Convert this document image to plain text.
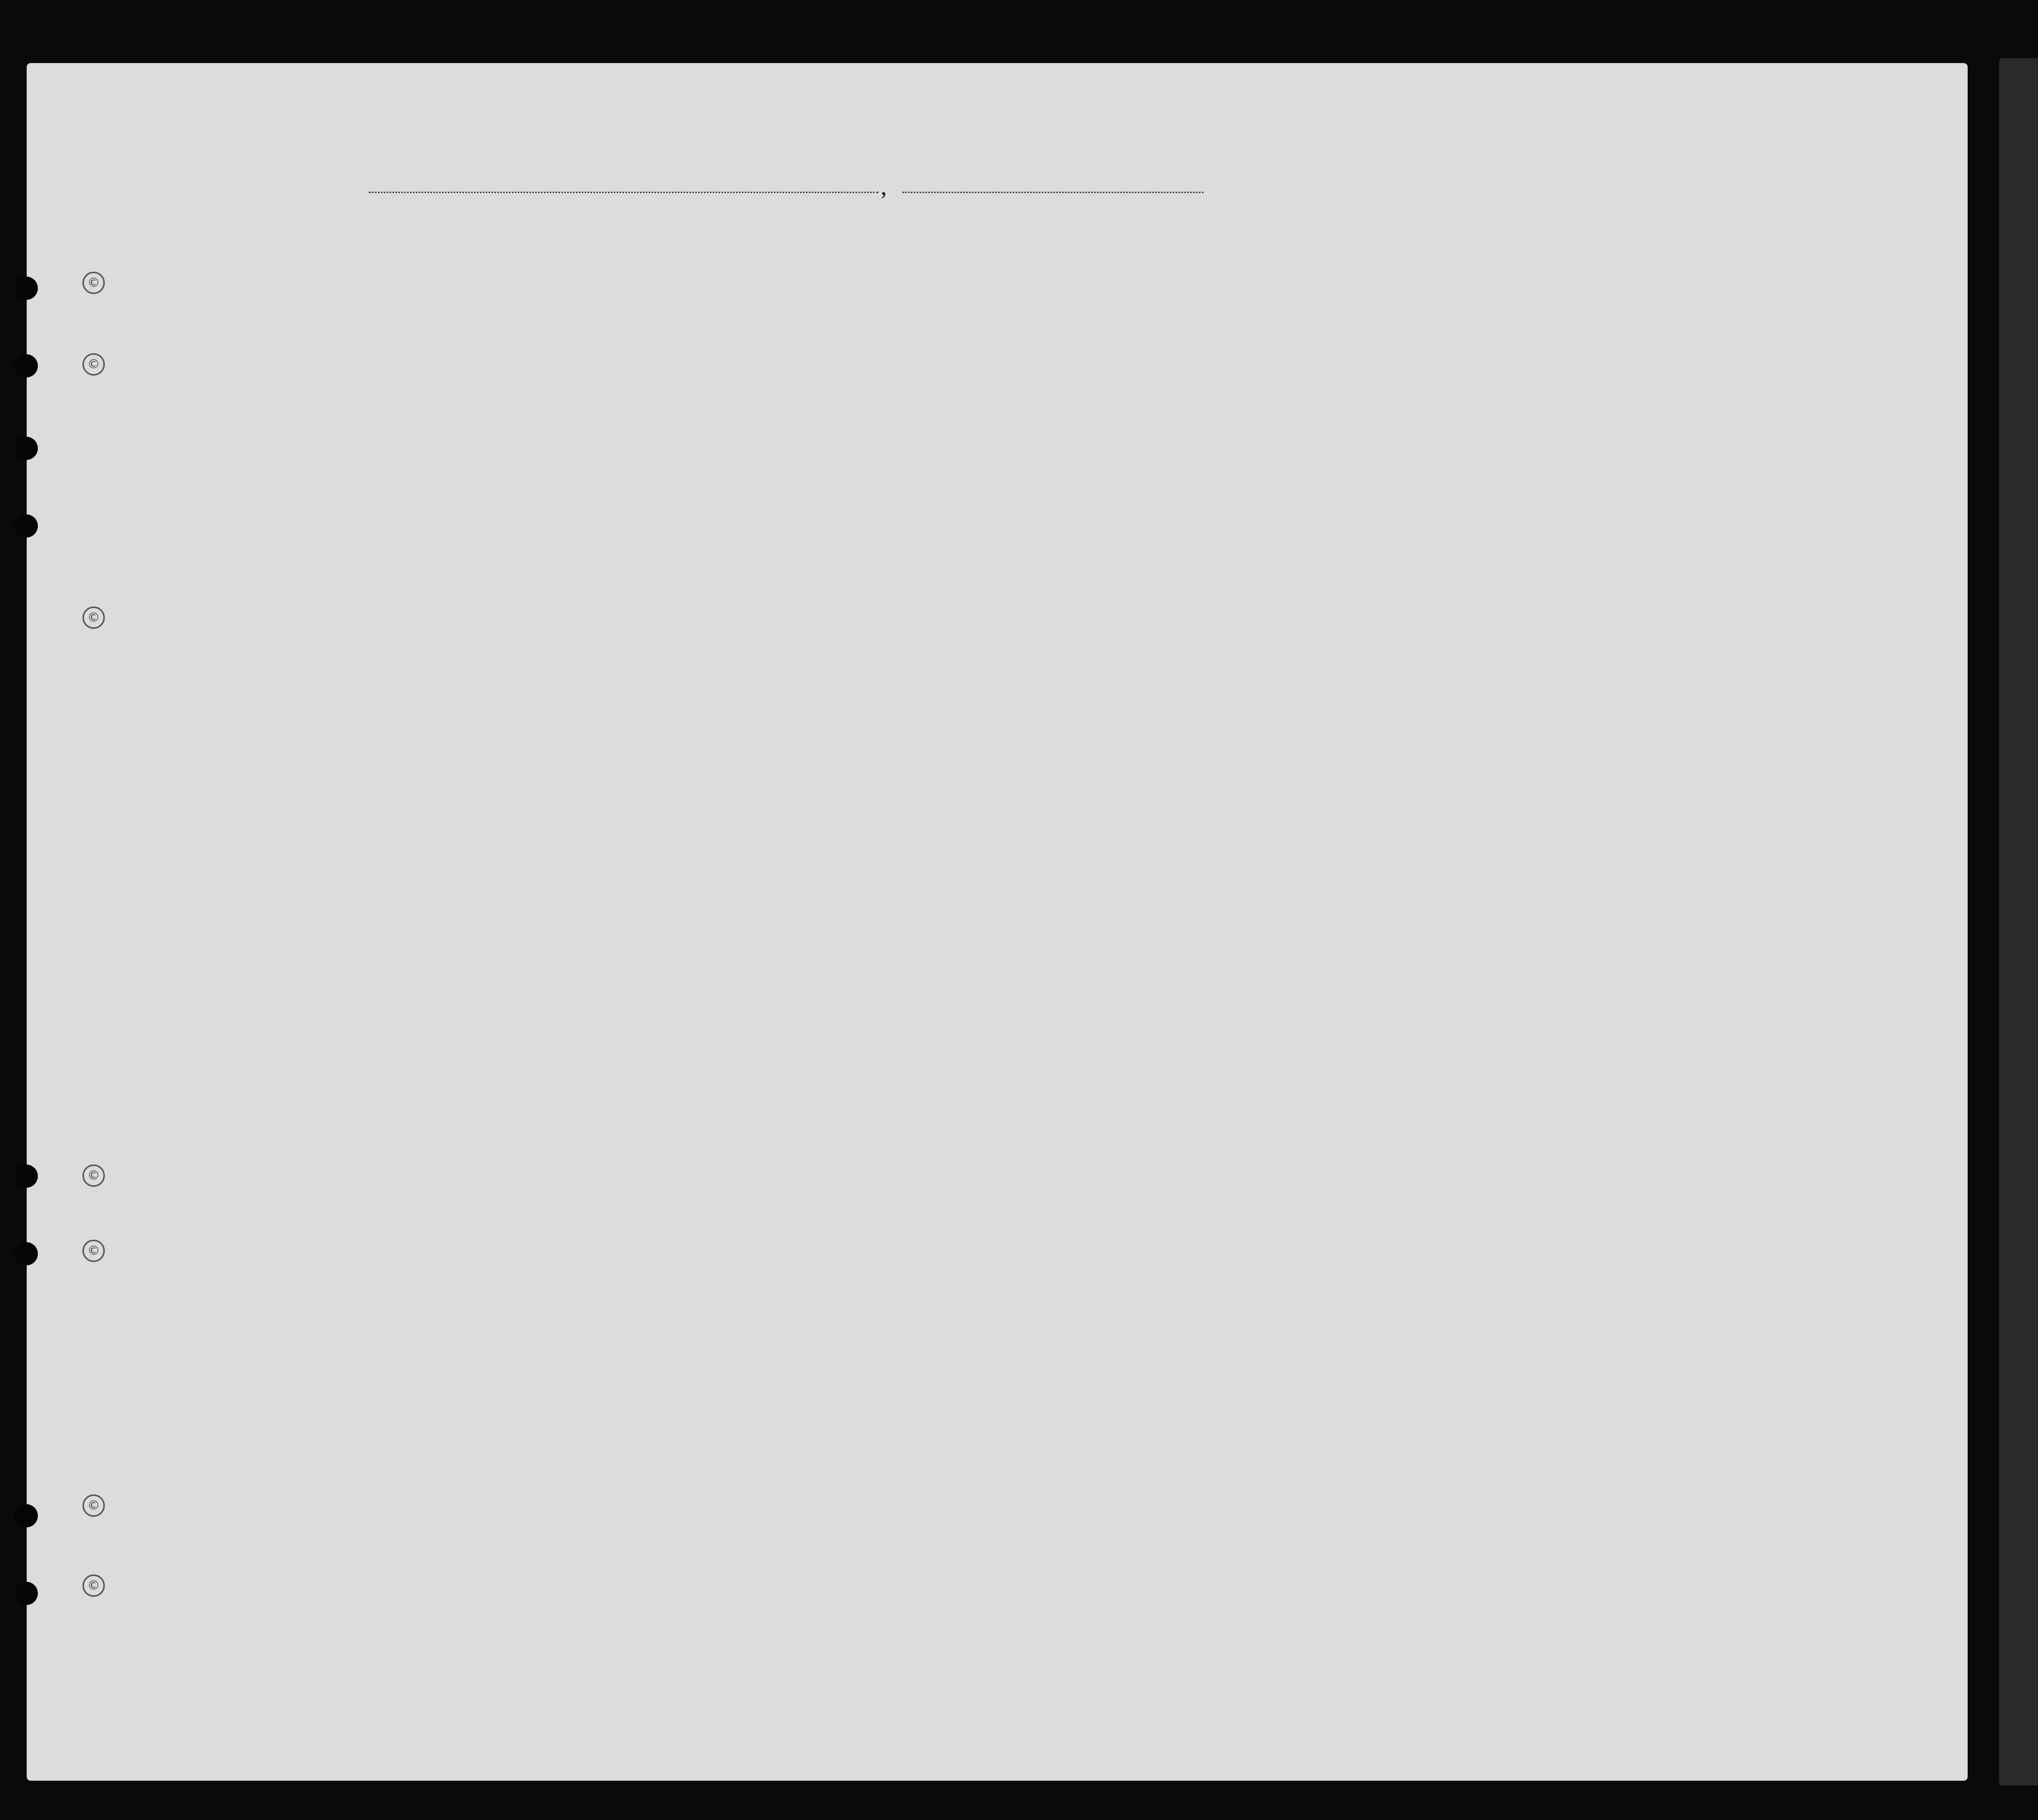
©
©
©
©
©
©
©
,
